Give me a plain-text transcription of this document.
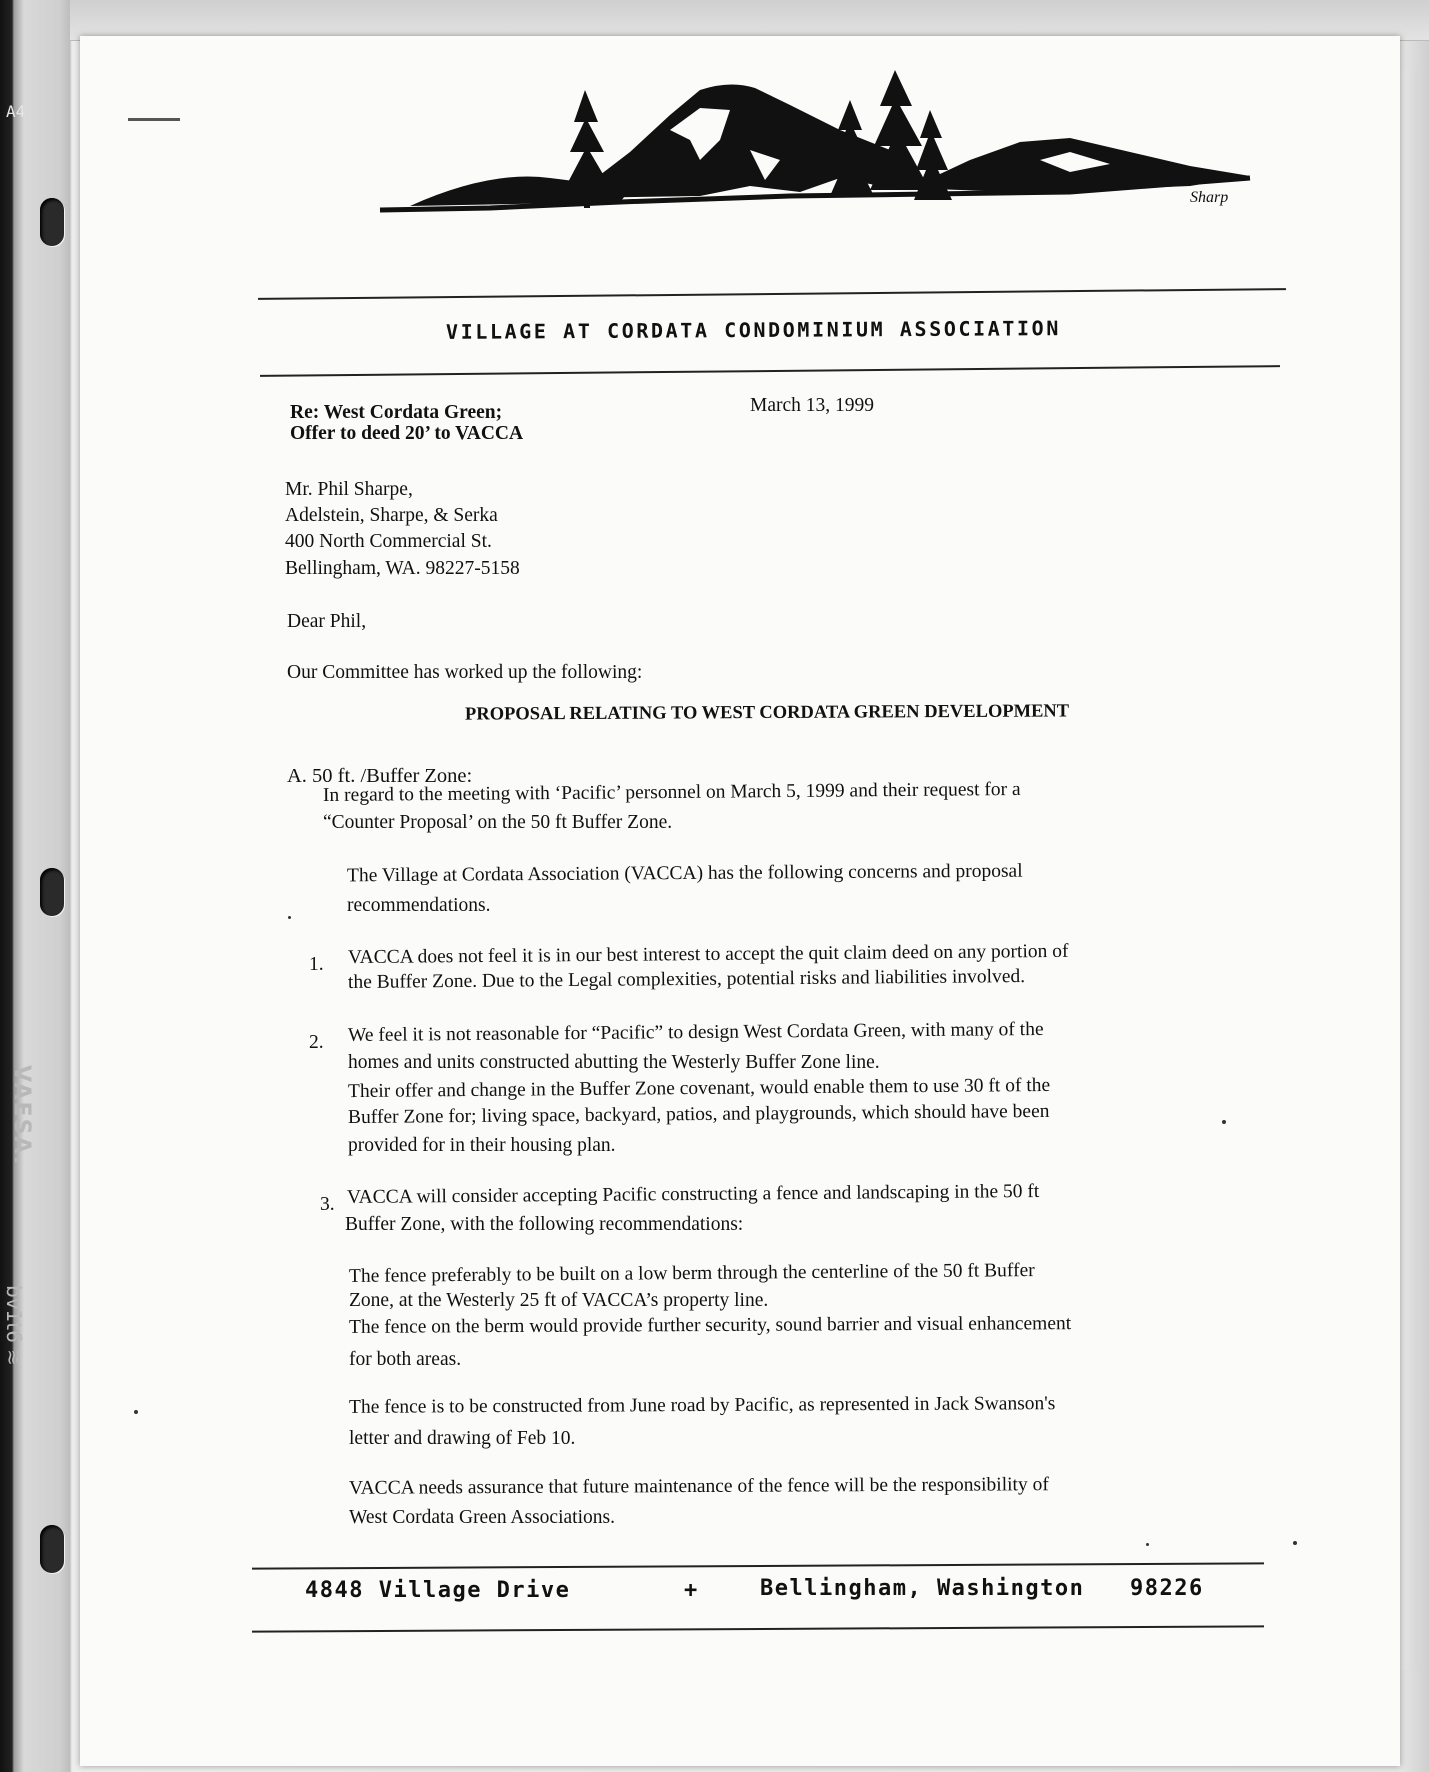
A4
VAESA.
bv1t6 ≋
Sharp
VILLAGE AT CORDATA CONDOMINIUM ASSOCIATION
Re: West Cordata Green;
Offer to deed 20’ to VACCA
March 13, 1999
Mr. Phil Sharpe,
Adelstein, Sharpe, & Serka
400 North Commercial St.
Bellingham, WA. 98227-5158
Dear Phil,
Our Committee has worked up the following:
PROPOSAL RELATING TO WEST CORDATA GREEN DEVELOPMENT
A. 50 ft. /Buffer Zone:
In regard to the meeting with ‘Pacific’ personnel on March 5, 1999 and their request for a
“Counter Proposal’ on the 50 ft Buffer Zone.
The Village at Cordata Association (VACCA) has the following concerns and proposal
recommendations.
1. VACCA does not feel it is in our best interest to accept the quit claim deed on any portion of
the Buffer Zone. Due to the Legal complexities, potential risks and liabilities involved.
2. We feel it is not reasonable for “Pacific” to design West Cordata Green, with many of the
homes and units constructed abutting the Westerly Buffer Zone line.
Their offer and change in the Buffer Zone covenant, would enable them to use 30 ft of the
Buffer Zone for; living space, backyard, patios, and playgrounds, which should have been
provided for in their housing plan.
3. VACCA will consider accepting Pacific constructing a fence and landscaping in the 50 ft
Buffer Zone, with the following recommendations:
The fence preferably to be built on a low berm through the centerline of the 50 ft Buffer
Zone, at the Westerly 25 ft of VACCA’s property line.
The fence on the berm would provide further security, sound barrier and visual enhancement
for both areas.
The fence is to be constructed from June road by Pacific, as represented in Jack Swanson's
letter and drawing of Feb 10.
VACCA needs assurance that future maintenance of the fence will be the responsibility of
West Cordata Green Associations.
4848 Village Drive	+	Bellingham, Washington 98226
